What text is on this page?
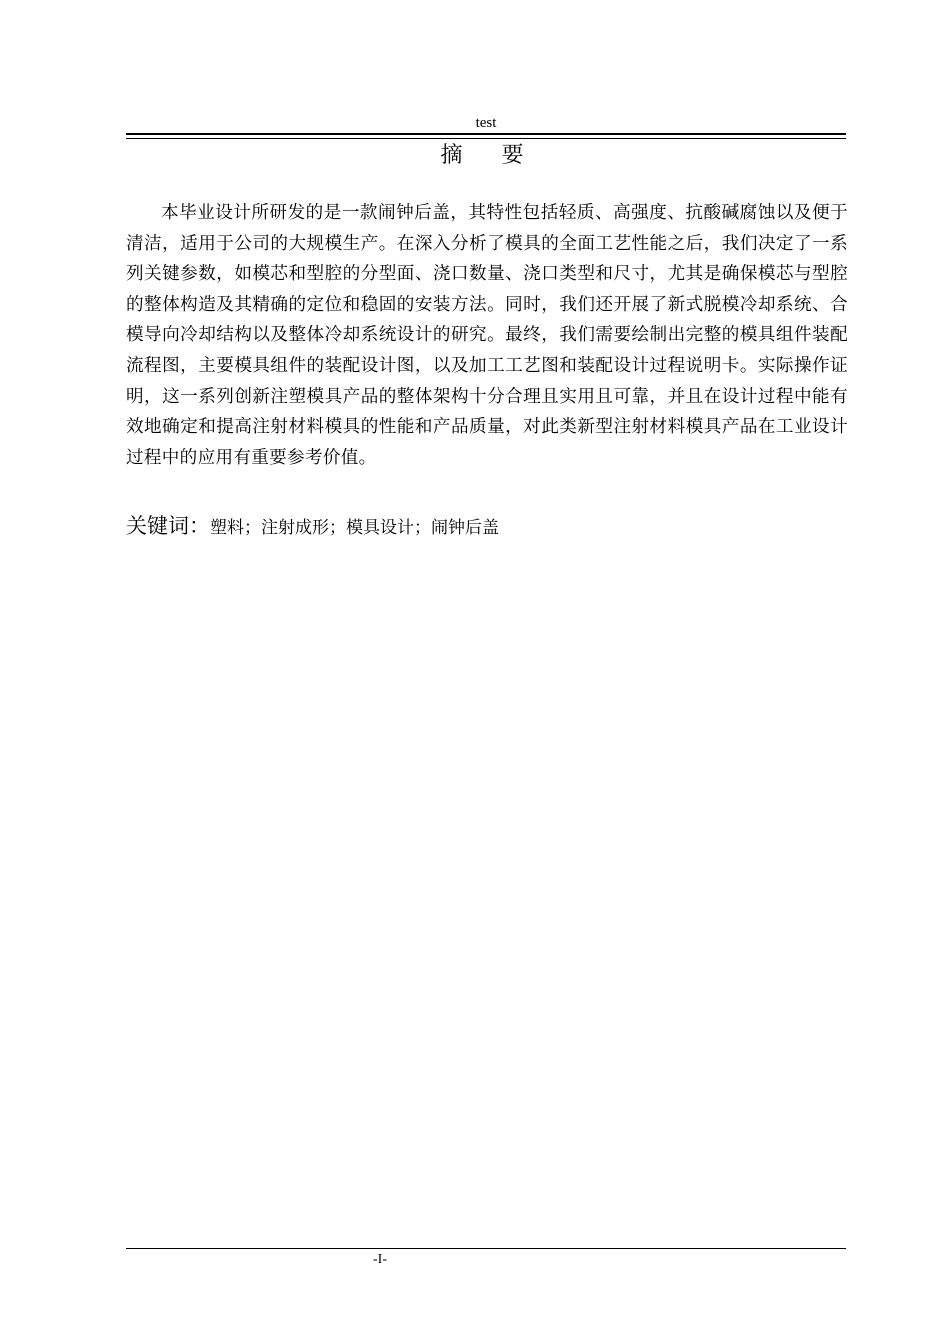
test
摘 要

本毕业设计所研发的是一款闹钟后盖，其特性包括轻质、高强度、抗酸碱腐蚀以及便于清洁，适用于公司的大规模生产。在深入分析了模具的全面工艺性能之后，我们决定了一系列关键参数，如模芯和型腔的分型面、浇口数量、浇口类型和尺寸，尤其是确保模芯与型腔的整体构造及其精确的定位和稳固的安装方法。同时，我们还开展了新式脱模冷却系统、合模导向冷却结构以及整体冷却系统设计的研究。最终，我们需要绘制出完整的模具组件装配流程图，主要模具组件的装配设计图，以及加工工艺图和装配设计过程说明卡。实际操作证明，这一系列创新注塑模具产品的整体架构十分合理且实用且可靠，并且在设计过程中能有效地确定和提高注射材料模具的性能和产品质量，对此类新型注射材料模具产品在工业设计过程中的应用有重要参考价值。

关键词：塑料；注射成形；模具设计；闹钟后盖
-I-
